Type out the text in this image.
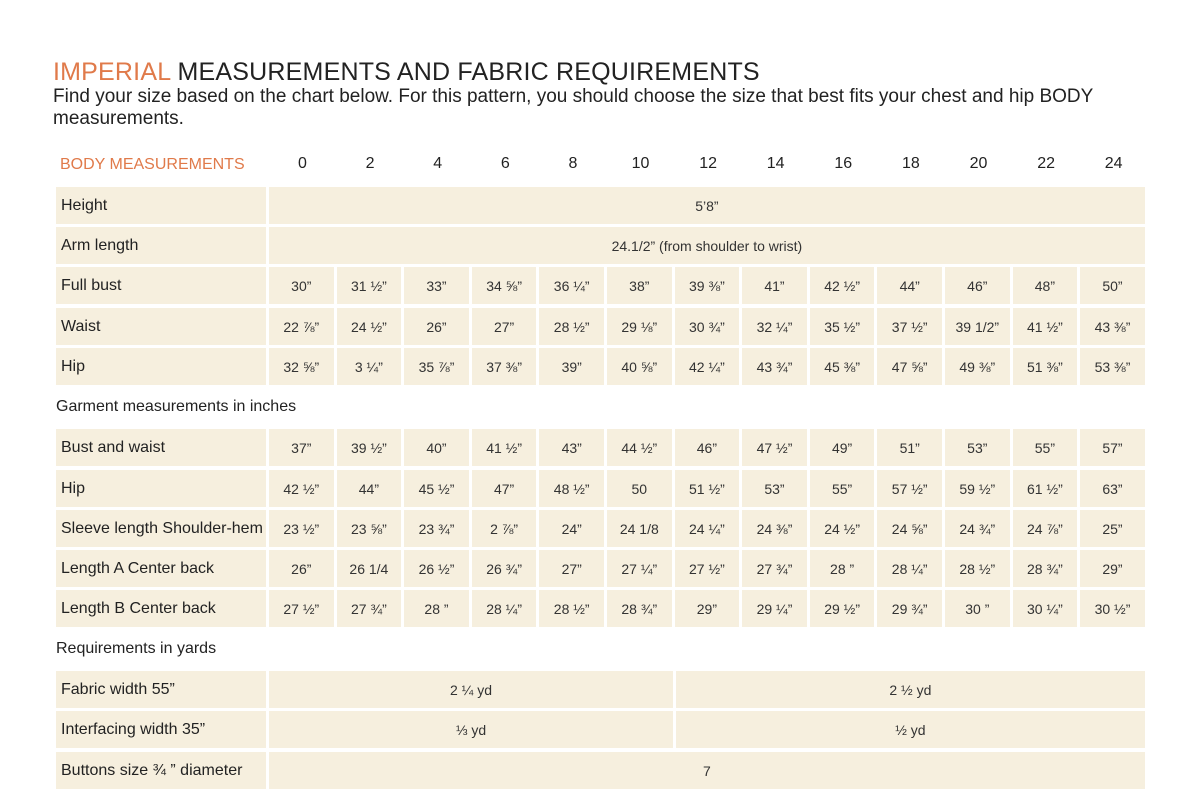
IMPERIAL MEASUREMENTS AND FABRIC REQUIREMENTS
Find your size based on the chart below. For this pattern, you should choose the size that best fits your chest and hip BODY measurements.
BODY MEASUREMENTS	0	2	4	6	8	10	12	14	16	18	20	22	24
Height	5’8”
Arm length	24.1/2” (from shoulder to wrist)
Full bust	30”	31 ½”	33”	34 ⅝”	36 ¼”	38”	39 ⅜”	41”	42 ½”	44”	46”	48”	50”
Waist	22 ⅞”	24 ½”	26”	27”	28 ½”	29 ⅛”	30 ¾”	32 ¼”	35 ½”	37 ½”	39 1/2”	41 ½”	43 ⅜”
Hip	32 ⅝”	3 ¼”	35 ⅞”	37 ⅜”	39”	40 ⅝”	42 ¼”	43 ¾”	45 ⅜”	47 ⅝”	49 ⅜”	51 ⅜”	53 ⅜”
Garment measurements in inches
Bust and waist	37”	39 ½”	40”	41 ½”	43”	44 ½”	46”	47 ½”	49”	51”	53”	55”	57”
Hip	42 ½”	44”	45 ½”	47”	48 ½”	50	51 ½”	53”	55”	57 ½”	59 ½”	61 ½”	63”
Sleeve length Shoulder-hem	23 ½”	23 ⅝”	23 ¾”	2 ⅞”	24”	24 1/8	24 ¼”	24 ⅜”	24 ½”	24 ⅝”	24 ¾”	24 ⅞”	25”
Length A Center back	26”	26 1/4	26 ½”	26 ¾”	27”	27 ¼”	27 ½”	27 ¾”	28 ”	28 ¼”	28 ½”	28 ¾”	29”
Length B Center back	27 ½”	27 ¾”	28 ”	28 ¼”	28 ½”	28 ¾”	29”	29 ¼”	29 ½”	29 ¾”	30 ”	30 ¼”	30 ½”
Requirements in yards
Fabric width 55”	2 ¼ yd	2 ½ yd
Interfacing width 35”	⅓ yd	½ yd
Buttons size ¾ ” diameter	7
